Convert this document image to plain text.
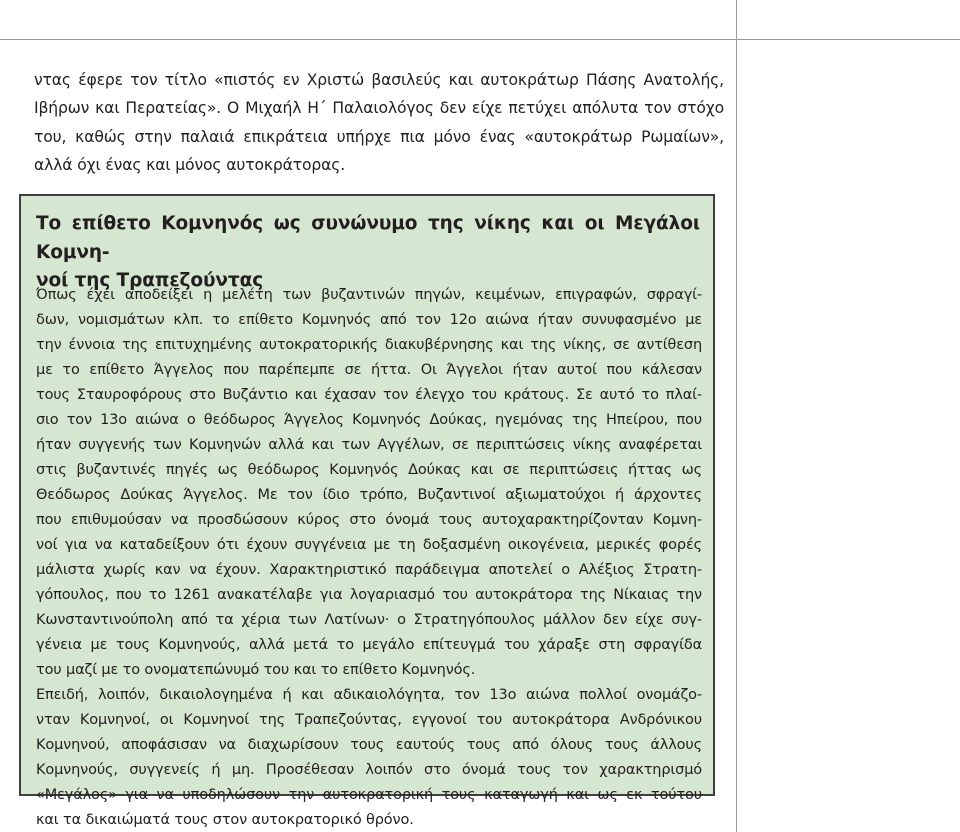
ντας έφερε τον τίτλο «πιστός εν Χριστώ βασιλεύς και αυτοκράτωρ Πάσης Ανατολής,
Ιβήρων και Περατείας». Ο Μιχαήλ Η΄ Παλαιολόγος δεν είχε πετύχει απόλυτα τον στόχο
του, καθώς στην παλαιά επικράτεια υπήρχε πια μόνο ένας «αυτοκράτωρ Ρωμαίων»,
αλλά όχι ένας και μόνος αυτοκράτορας.

Το επίθετο Κομνηνός ως συνώνυμο της νίκης και οι Μεγάλοι Κομνη-
νοί της Τραπεζούντας

Όπως έχει αποδείξει η μελέτη των βυζαντινών πηγών, κειμένων, επιγραφών, σφραγί-
δων, νομισμάτων κλπ. το επίθετο Κομνηνός από τον 12ο αιώνα ήταν συνυφασμένο με
την έννοια της επιτυχημένης αυτοκρατορικής διακυβέρνησης και της νίκης, σε αντίθεση
με το επίθετο Άγγελος που παρέπεμπε σε ήττα. Οι Άγγελοι ήταν αυτοί που κάλεσαν
τους Σταυροφόρους στο Βυζάντιο και έχασαν τον έλεγχο του κράτους. Σε αυτό το πλαί-
σιο τον 13ο αιώνα ο θεόδωρος Άγγελος Κομνηνός Δούκας, ηγεμόνας της Ηπείρου, που
ήταν συγγενής των Κομνηνών αλλά και των Αγγέλων, σε περιπτώσεις νίκης αναφέρεται
στις βυζαντινές πηγές ως θεόδωρος Κομνηνός Δούκας και σε περιπτώσεις ήττας ως
Θεόδωρος Δούκας Άγγελος. Με τον ίδιο τρόπο, Βυζαντινοί αξιωματούχοι ή άρχοντες
που επιθυμούσαν να προσδώσουν κύρος στο όνομά τους αυτοχαρακτηρίζονταν Κομνη-
νοί για να καταδείξουν ότι έχουν συγγένεια με τη δοξασμένη οικογένεια, μερικές φορές
μάλιστα χωρίς καν να έχουν. Χαρακτηριστικό παράδειγμα αποτελεί ο Αλέξιος Στρατη-
γόπουλος, που το 1261 ανακατέλαβε για λογαριασμό του αυτοκράτορα της Νίκαιας την
Κωνσταντινούπολη από τα χέρια των Λατίνων· ο Στρατηγόπουλος μάλλον δεν είχε συγ-
γένεια με τους Κομνηνούς, αλλά μετά το μεγάλο επίτευγμά του χάραξε στη σφραγίδα
του μαζί με το ονοματεπώνυμό του και το επίθετο Κομνηνός.
Επειδή, λοιπόν, δικαιολογημένα ή και αδικαιολόγητα, τον 13ο αιώνα πολλοί ονομάζο-
νταν Κομνηνοί, οι Κομνηνοί της Τραπεζούντας, εγγονοί του αυτοκράτορα Ανδρόνικου
Κομνηνού, αποφάσισαν να διαχωρίσουν τους εαυτούς τους από όλους τους άλλους
Κομνηνούς, συγγενείς ή μη. Προσέθεσαν λοιπόν στο όνομά τους τον χαρακτηρισμό
«Μεγάλος» για να υποδηλώσουν την αυτοκρατορική τους καταγωγή και ως εκ τούτου
και τα δικαιώματά τους στον αυτοκρατορικό θρόνο.
